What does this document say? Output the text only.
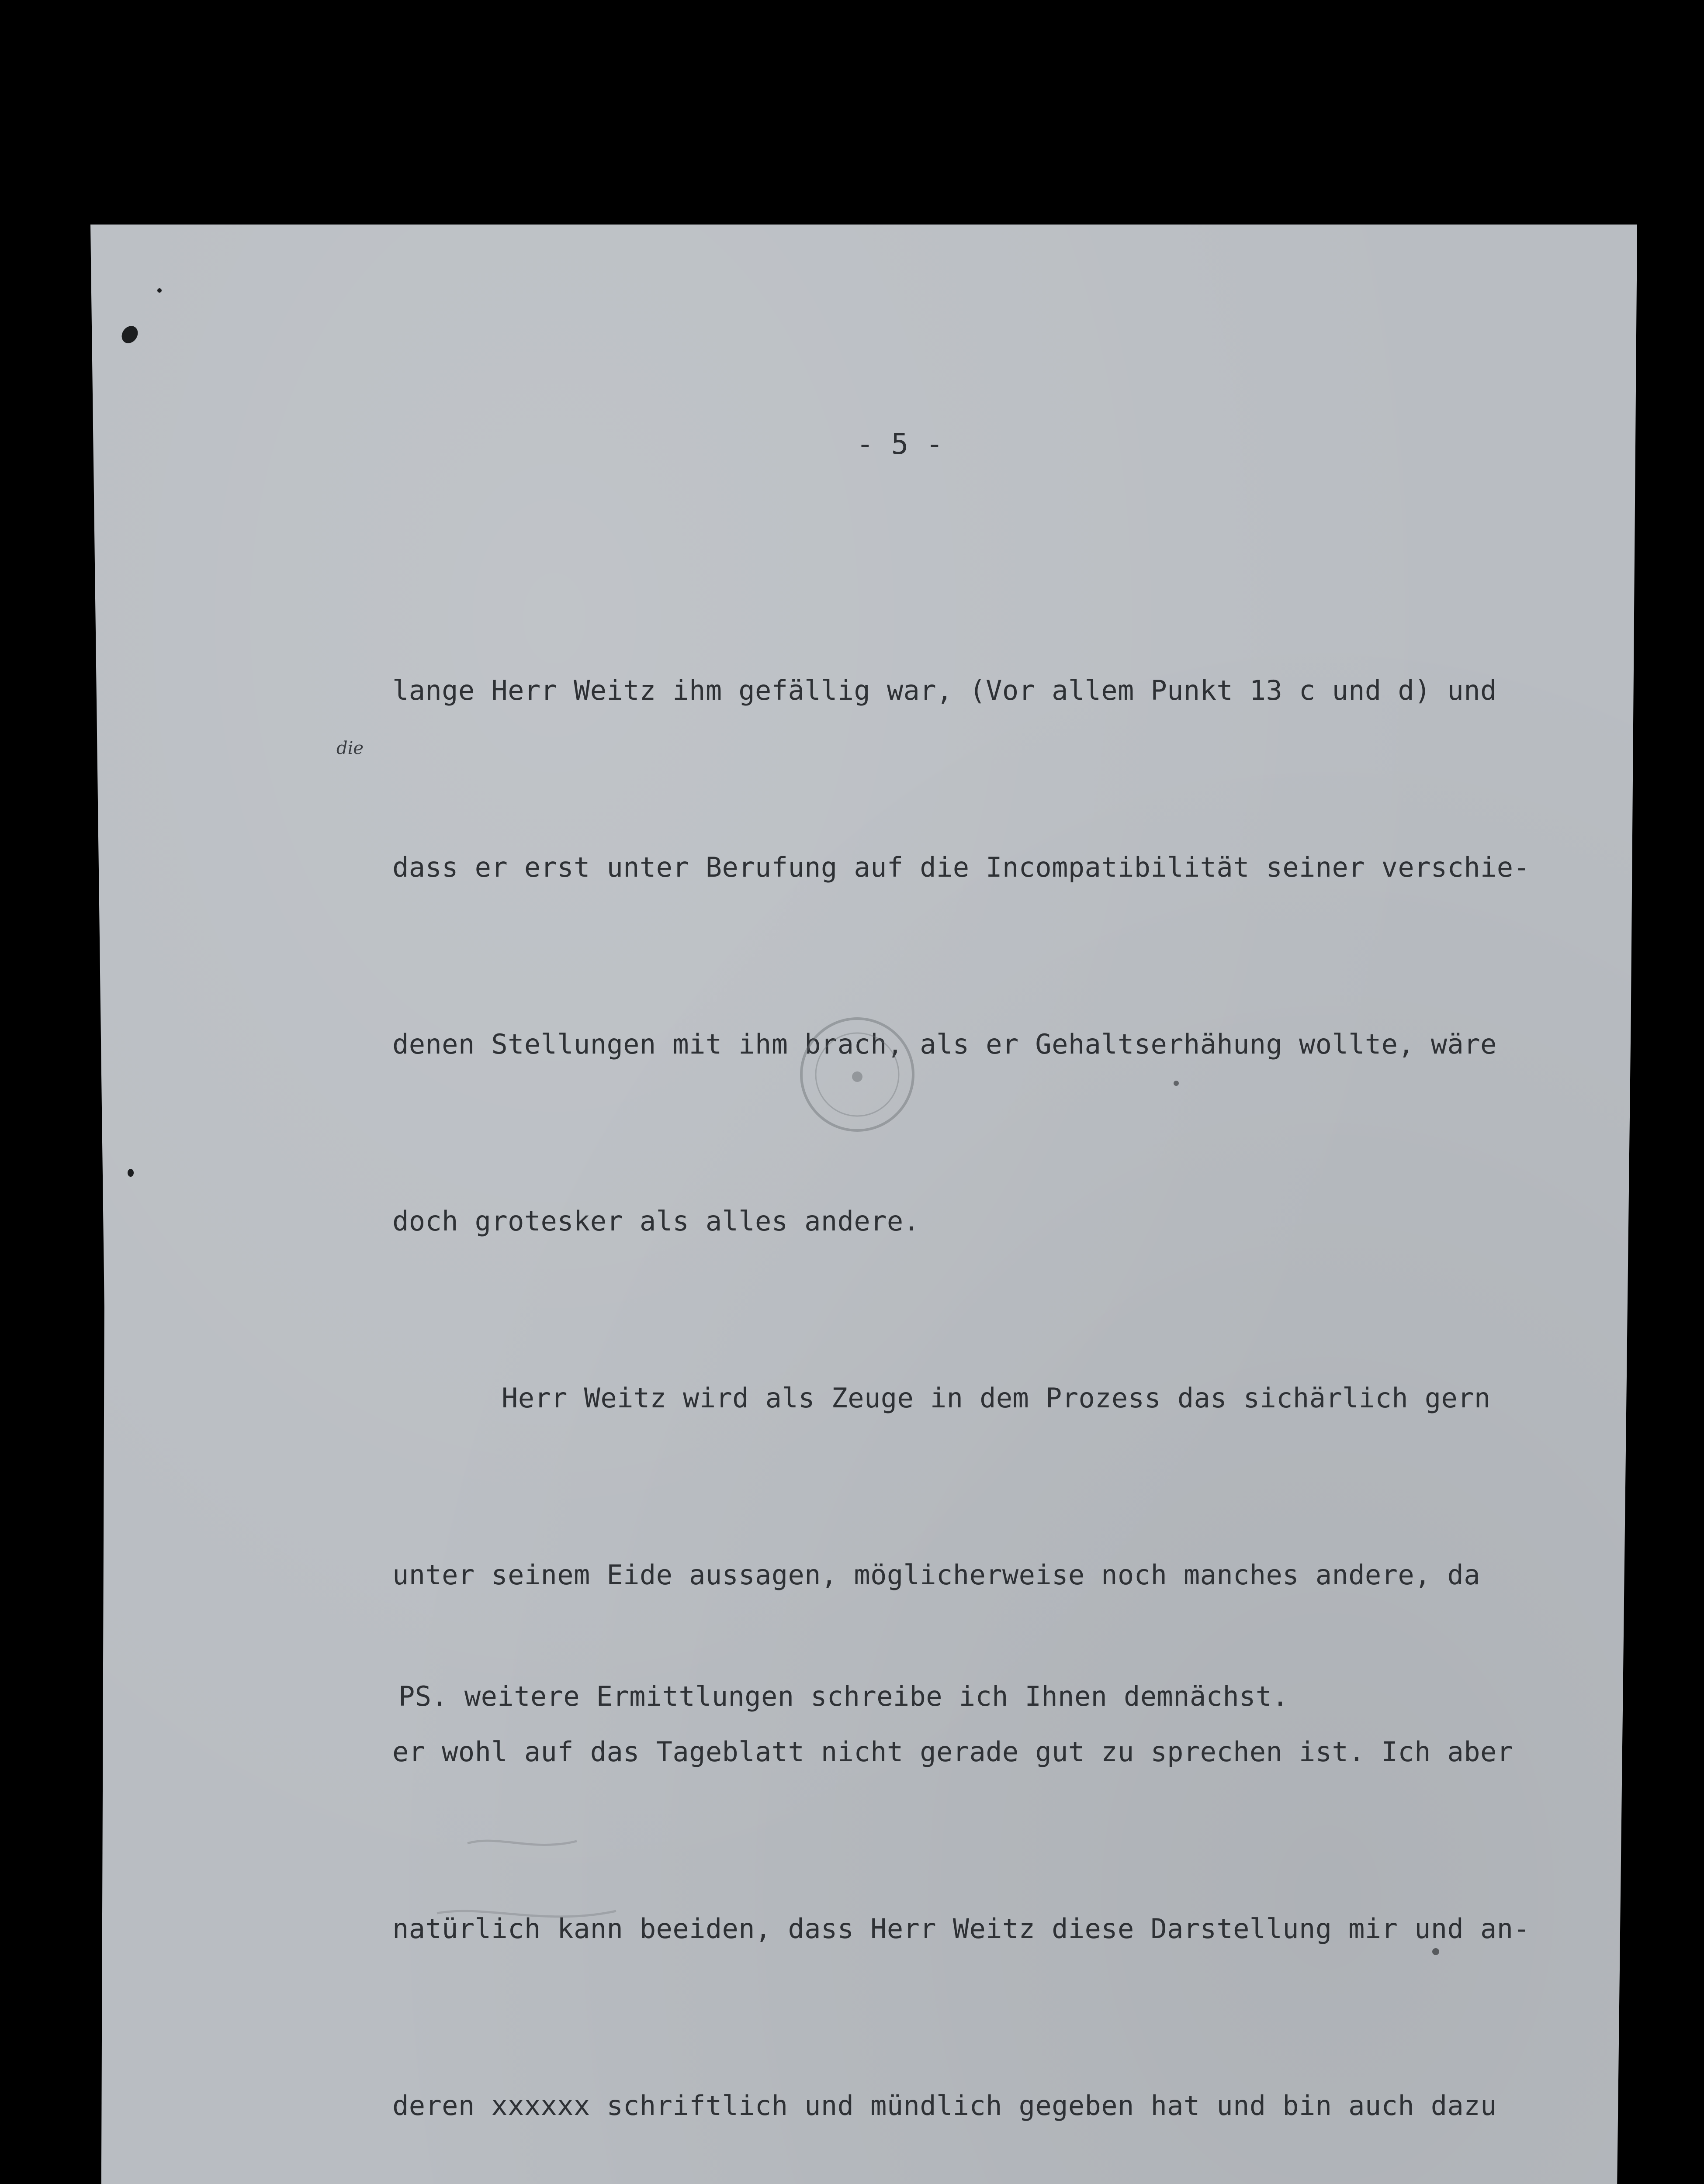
- 5 -

lange Herr Weitz ihm gefällig war, (Vor allem Punkt 13 c und d) und

dass er erst unter Berufung auf die Incompatibilität seiner verschie-

denen Stellungen mit ihm brach, als er Gehaltserhähung wollte, wäre

doch grotesker als alles andere.

Herr Weitz wird als Zeuge in dem Prozess das sichärlich gern

unter seinem Eide aussagen, möglicherweise noch manches andere, da

er wohl auf das Tageblatt nicht gerade gut zu sprechen ist. Ich aber

natürlich kann beeiden, dass Herr Weitz diese Darstellung mir und an-

deren xxxxxx schriftlich und mündlich gegeben hat und bin auch dazu

PS. weitere Ermittlungen schreibe ich Ihnen demnächst.
die
